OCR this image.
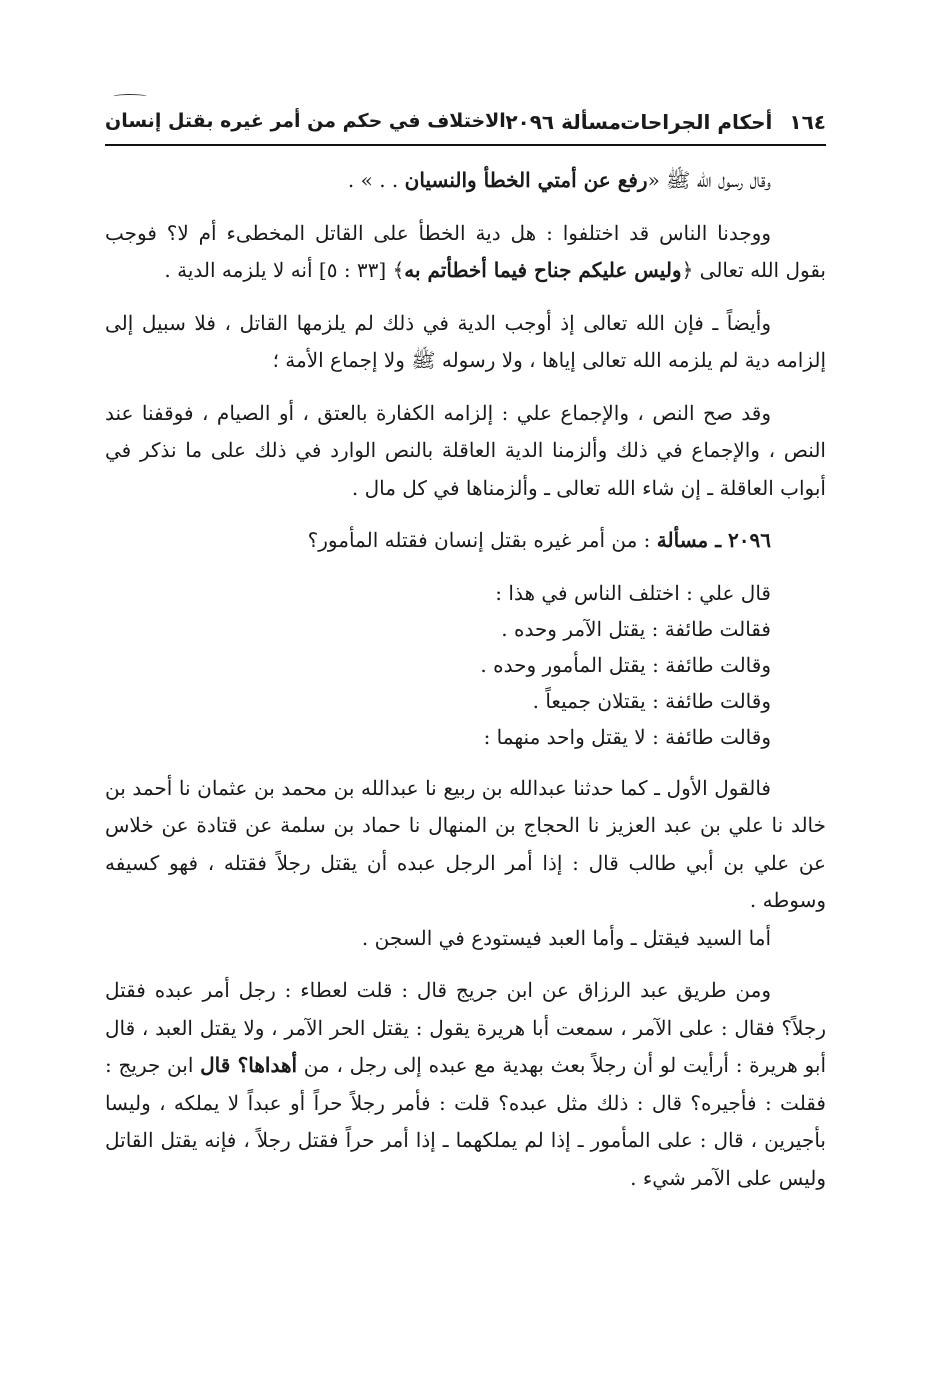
١٦٤ أحكام الجراحات
مسألة ٢٠٩٦
الاختلاف في حكم من أمر غيره بقتل إنسان

وقال رسول الله ﷺ «رفع عن أمتي الخطأ والنسيان . . » .

ووجدنا الناس قد اختلفوا : هل دية الخطأ على القاتل المخطىء أم لا؟ فوجب بقول الله تعالى ﴿وليس عليكم جناح فيما أخطأتم به﴾ [٣٣ : ٥] أنه لا يلزمه الدية .

وأيضاً ـ فإن الله تعالى إذ أوجب الدية في ذلك لم يلزمها القاتل ، فلا سبيل إلى إلزامه دية لم يلزمه الله تعالى إياها ، ولا رسوله ﷺ ولا إجماع الأمة ؛

وقد صح النص ، والإجماع علي : إلزامه الكفارة بالعتق ، أو الصيام ، فوقفنا عند النص ، والإجماع في ذلك وألزمنا الدية العاقلة بالنص الوارد في ذلك على ما نذكر في أبواب العاقلة ـ إن شاء الله تعالى ـ وألزمناها في كل مال .

٢٠٩٦ ـ مسألة : من أمر غيره بقتل إنسان فقتله المأمور؟

قال علي : اختلف الناس في هذا :
فقالت طائفة : يقتل الآمر وحده .
وقالت طائفة : يقتل المأمور وحده .
وقالت طائفة : يقتلان جميعاً .
وقالت طائفة : لا يقتل واحد منهما :

فالقول الأول ـ كما حدثنا عبدالله بن ربيع نا عبدالله بن محمد بن عثمان نا أحمد بن خالد نا علي بن عبد العزيز نا الحجاج بن المنهال نا حماد بن سلمة عن قتادة عن خلاس عن علي بن أبي طالب قال : إذا أمر الرجل عبده أن يقتل رجلاً فقتله ، فهو كسيفه وسوطه .

أما السيد فيقتل ـ وأما العبد فيستودع في السجن .

ومن طريق عبد الرزاق عن ابن جريج قال : قلت لعطاء : رجل أمر عبده فقتل رجلاً؟ فقال : على الآمر ، سمعت أبا هريرة يقول : يقتل الحر الآمر ، ولا يقتل العبد ، قال أبو هريرة : أرأيت لو أن رجلاً بعث بهدية مع عبده إلى رجل ، من أهداها؟ قال ابن جريج : فقلت : فأجيره؟ قال : ذلك مثل عبده؟ قلت : فأمر رجلاً حراً أو عبداً لا يملكه ، وليسا بأجيرين ، قال : على المأمور ـ إذا لم يملكهما ـ إذا أمر حراً فقتل رجلاً ، فإنه يقتل القاتل وليس على الآمر شيء .
